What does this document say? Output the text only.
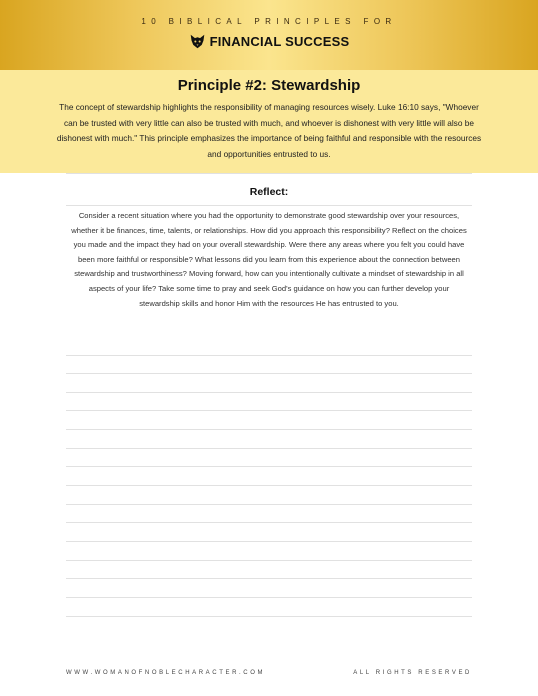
10 BIBLICAL PRINCIPLES FOR
FINANCIAL SUCCESS
Principle #2: Stewardship
The concept of stewardship highlights the responsibility of managing resources wisely. Luke 16:10 says, "Whoever can be trusted with very little can also be trusted with much, and whoever is dishonest with very little will also be dishonest with much." This principle emphasizes the importance of being faithful and responsible with the resources and opportunities entrusted to us.
Reflect:
Consider a recent situation where you had the opportunity to demonstrate good stewardship over your resources, whether it be finances, time, talents, or relationships. How did you approach this responsibility? Reflect on the choices you made and the impact they had on your overall stewardship. Were there any areas where you felt you could have been more faithful or responsible? What lessons did you learn from this experience about the connection between stewardship and trustworthiness? Moving forward, how can you intentionally cultivate a mindset of stewardship in all aspects of your life? Take some time to pray and seek God's guidance on how you can further develop your stewardship skills and honor Him with the resources He has entrusted to you.
WWW.WOMANOFNOBLECHARACTER.COM	ALL RIGHTS RESERVED
